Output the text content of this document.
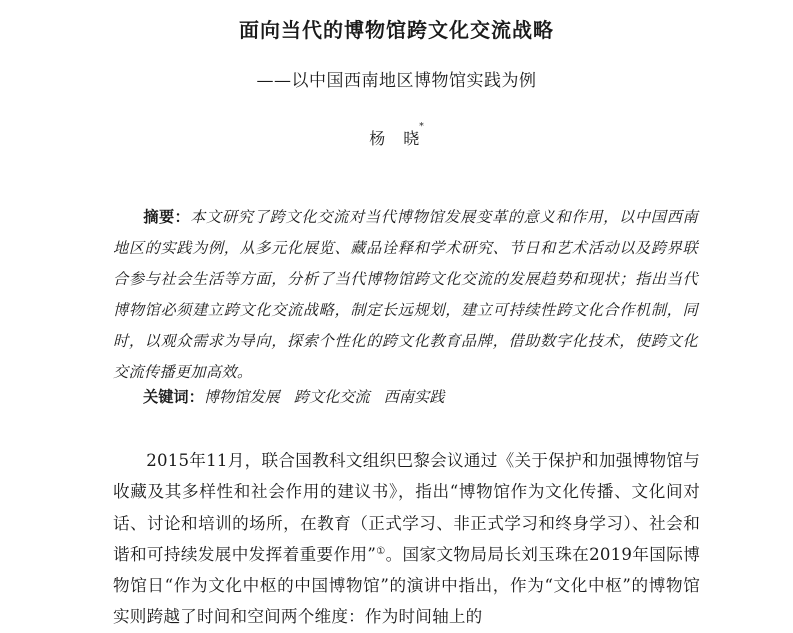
面向当代的博物馆跨文化交流战略
——以中国西南地区博物馆实践为例
杨 晓*
摘要：本文研究了跨文化交流对当代博物馆发展变革的意义和作用，以中国西南地区的实践为例，从多元化展览、藏品诠释和学术研究、节日和艺术活动以及跨界联合参与社会生活等方面，分析了当代博物馆跨文化交流的发展趋势和现状；指出当代博物馆必须建立跨文化交流战略，制定长远规划，建立可持续性跨文化合作机制，同时，以观众需求为导向，探索个性化的跨文化教育品牌，借助数字化技术，使跨文化交流传播更加高效。
关键词：博物馆发展 跨文化交流 西南实践
2015年11月，联合国教科文组织巴黎会议通过《关于保护和加强博物馆与收藏及其多样性和社会作用的建议书》，指出“博物馆作为文化传播、文化间对话、讨论和培训的场所，在教育（正式学习、非正式学习和终身学习）、社会和谐和可持续发展中发挥着重要作用”①。国家文物局局长刘玉珠在2019年国际博物馆日“作为文化中枢的中国博物馆”的演讲中指出，作为“文化中枢”的博物馆实则跨越了时间和空间两个维度：作为时间轴上的
